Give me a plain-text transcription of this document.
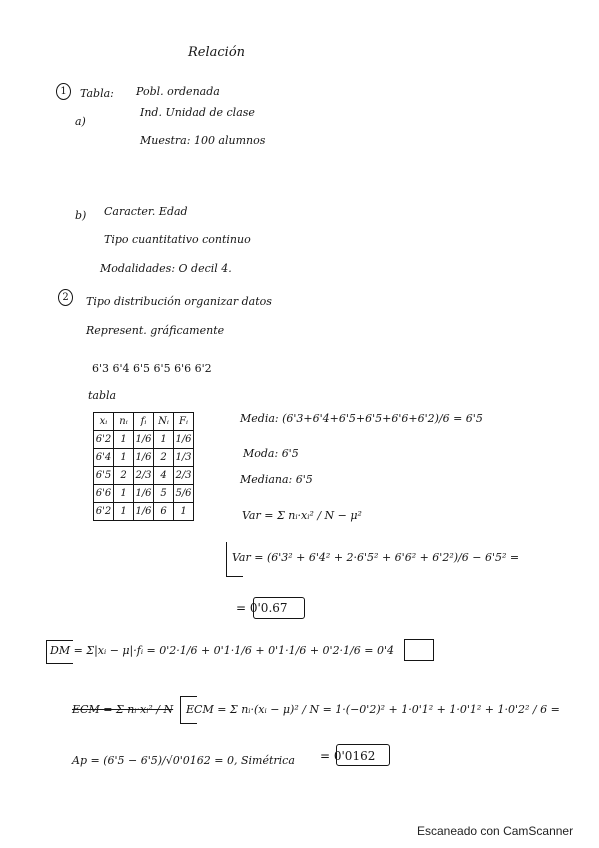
Relación
1	Tabla:
a)
Pobl. ordenada
Ind. Unidad de clase
Muestra: 100 alumnos
b) Caracter. Edad
Tipo cuantitativo continuo
Modalidades: O decil 4.
2	Tipo distribución organizar datos
Represent. gráficamente
6'3 6'4 6'5 6'5 6'6 6'2
tabla
xᵢ	nᵢ	fᵢ	Nᵢ	Fᵢ
6'2	1	1/6	1	1/6
6'4	1	1/6	2	1/3
6'5	2	2/3	4	2/3
6'6	1	1/6	5	5/6
6'2	1	1/6	6	1
Media: (6'3+6'4+6'5+6'5+6'6+6'2)/6 = 6'5
Moda: 6'5
Mediana: 6'5
Var = Σ nᵢ·xᵢ² / N − μ²
Var = (6'3² + 6'4² + 2·6'5² + 6'6² + 6'2²)/6 − 6'5² =
= 0'0.67
DM = Σ|xᵢ − μ|·fᵢ = 0'2·1/6 + 0'1·1/6 + 0'1·1/6 + 0'2·1/6 = 0'4
ECM = Σ nᵢ·xᵢ² / N ECM = Σ nᵢ·(xᵢ − μ)² / N = 1·(−0'2)² + 1·0'1² + 1·0'1² + 1·0'2² / 6 =
Ap = (6'5 − 6'5)/√0'0162 = 0, Simétrica = 0'0162
Escaneado con CamScanner
